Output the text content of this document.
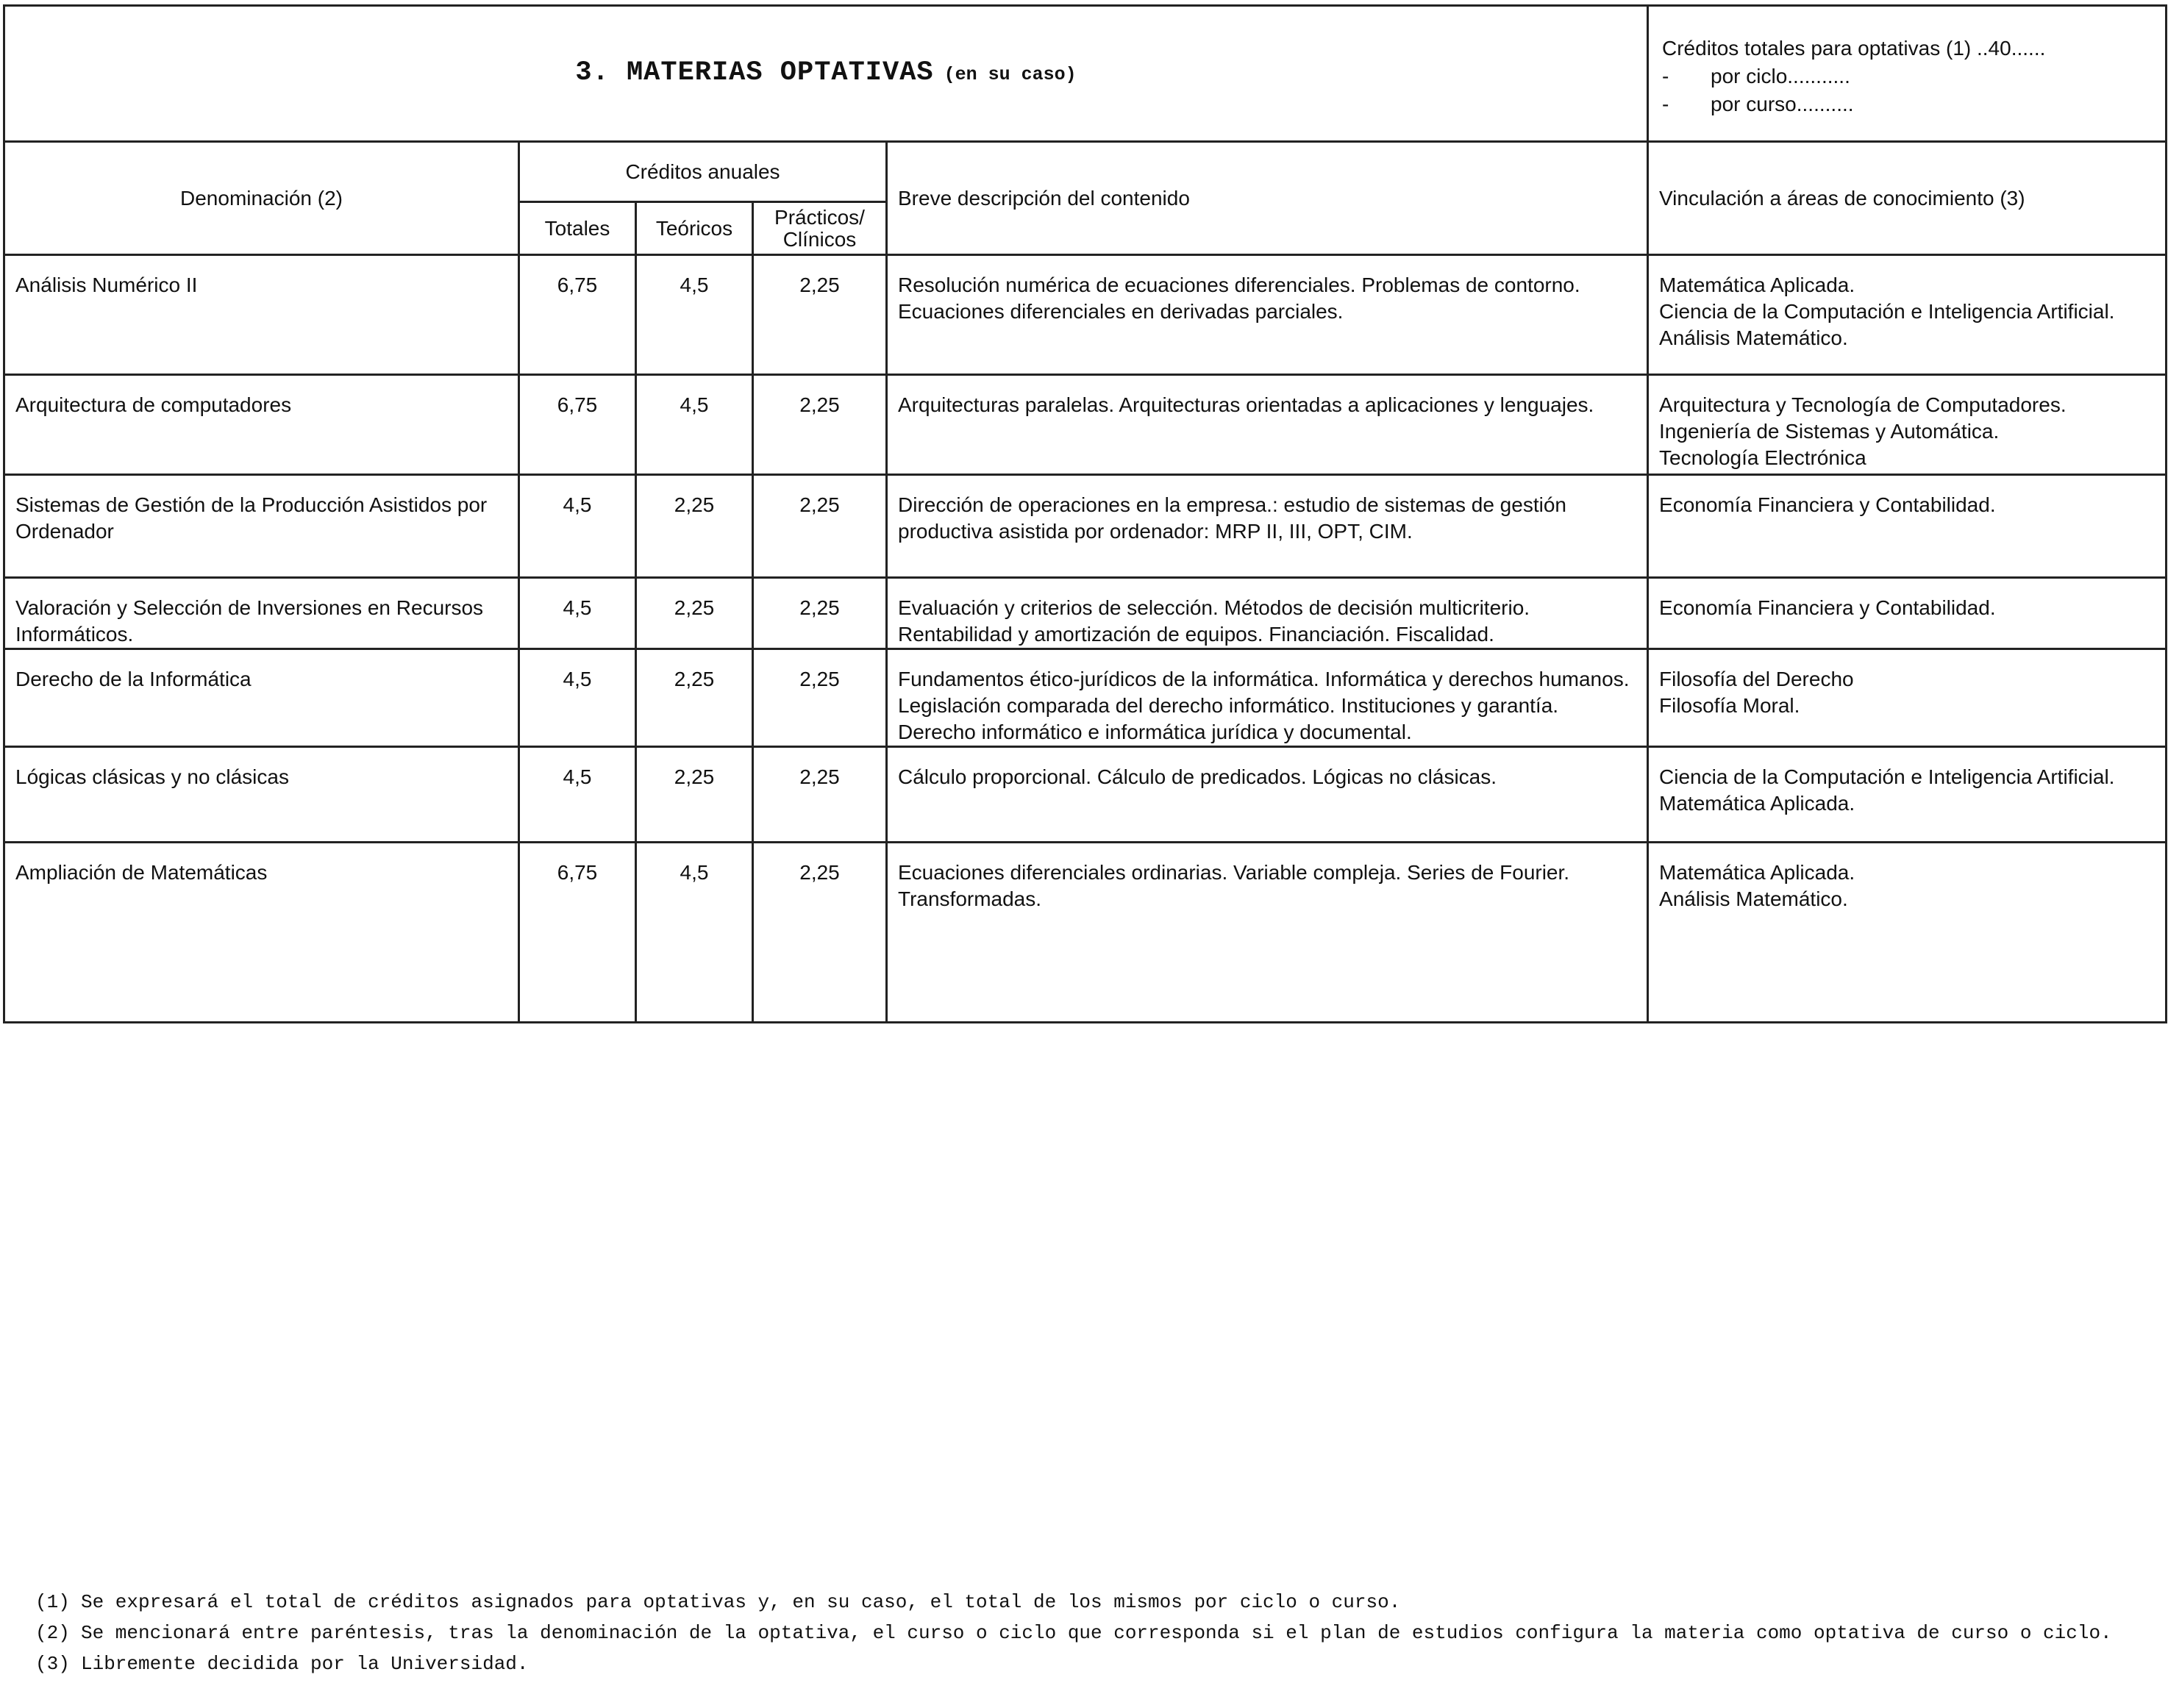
3. MATERIAS OPTATIVAS (en su caso)					Créditos totales para optativas (1) ..40......
- por ciclo...........
- por curso..........

Denominación (2)	Créditos anuales			Breve descripción del contenido	Vinculación a áreas de conocimiento (3)
	Totales	Teóricos	Prácticos/ Clínicos		
Análisis Numérico II	6,75	4,5	2,25	Resolución numérica de ecuaciones diferenciales. Problemas de contorno. Ecuaciones diferenciales en derivadas parciales.	Matemática Aplicada.
Ciencia de la Computación e Inteligencia Artificial.
Análisis Matemático.

Arquitectura de computadores	6,75	4,5	2,25	Arquitecturas paralelas. Arquitecturas orientadas a aplicaciones y lenguajes.	Arquitectura y Tecnología de Computadores.
Ingeniería de Sistemas y Automática.
Tecnología Electrónica

Sistemas de Gestión de la Producción Asistidos por Ordenador	4,5	2,25	2,25	Dirección de operaciones en la empresa.: estudio de sistemas de gestión productiva asistida por ordenador: MRP II, III, OPT, CIM.	Economía Financiera y Contabilidad.

Valoración y Selección de Inversiones en Recursos Informáticos.	4,5	2,25	2,25	Evaluación y criterios de selección. Métodos de decisión multicriterio. Rentabilidad y amortización de equipos. Financiación. Fiscalidad.	Economía Financiera y Contabilidad.

Derecho de la Informática	4,5	2,25	2,25	Fundamentos ético-jurídicos de la informática. Informática y derechos humanos. Legislación comparada del derecho informático. Instituciones y garantía. Derecho informático e informática jurídica y documental.	Filosofía del Derecho
Filosofía Moral.

Lógicas clásicas y no clásicas	4,5	2,25	2,25	Cálculo proporcional. Cálculo de predicados. Lógicas no clásicas.	Ciencia de la Computación e Inteligencia Artificial.
Matemática Aplicada.

Ampliación de Matemáticas	6,75	4,5	2,25	Ecuaciones diferenciales ordinarias. Variable compleja. Series de Fourier. Transformadas.	Matemática Aplicada.
Análisis Matemático.
(1) Se expresará el total de créditos asignados para optativas y, en su caso, el total de los mismos por ciclo o curso.
(2) Se mencionará entre paréntesis, tras la denominación de la optativa, el curso o ciclo que corresponda si el plan de estudios configura la materia como optativa de curso o ciclo.
(3) Libremente decidida por la Universidad.
